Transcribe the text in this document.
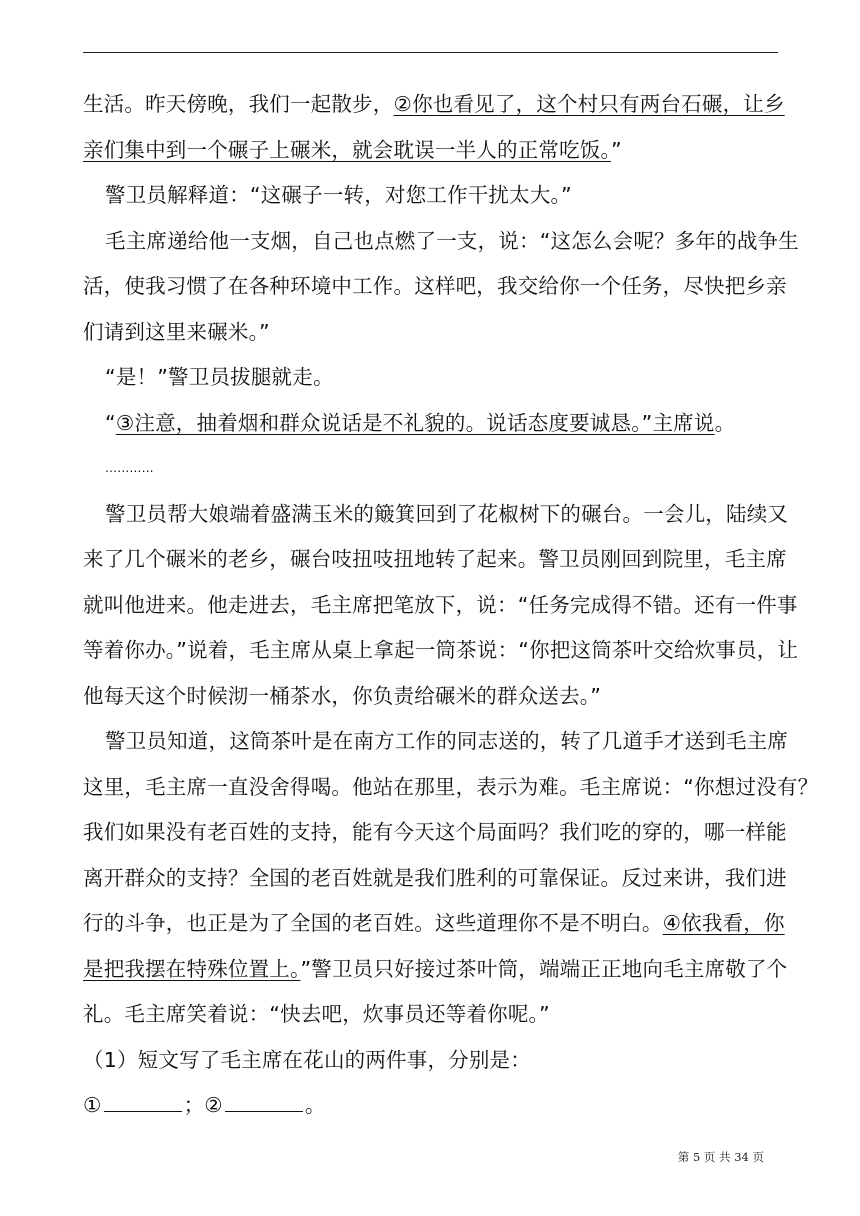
生活。昨天傍晚，我们一起散步，②你也看见了，这个村只有两台石碾，让乡
亲们集中到一个碾子上碾米，就会耽误一半人的正常吃饭。”
警卫员解释道：“这碾子一转，对您工作干扰太大。”
毛主席递给他一支烟，自己也点燃了一支，说：“这怎么会呢？多年的战争生
活，使我习惯了在各种环境中工作。这样吧，我交给你一个任务，尽快把乡亲
们请到这里来碾米。”
“是！”警卫员拔腿就走。
“③注意，抽着烟和群众说话是不礼貌的。说话态度要诚恳。”主席说。
…………
警卫员帮大娘端着盛满玉米的簸箕回到了花椒树下的碾台。一会儿，陆续又
来了几个碾米的老乡，碾台吱扭吱扭地转了起来。警卫员刚回到院里，毛主席
就叫他进来。他走进去，毛主席把笔放下，说：“任务完成得不错。还有一件事
等着你办。”说着，毛主席从桌上拿起一筒茶说：“你把这筒茶叶交给炊事员，让
他每天这个时候沏一桶茶水，你负责给碾米的群众送去。”
警卫员知道，这筒茶叶是在南方工作的同志送的，转了几道手才送到毛主席
这里，毛主席一直没舍得喝。他站在那里，表示为难。毛主席说：“你想过没有？
我们如果没有老百姓的支持，能有今天这个局面吗？我们吃的穿的，哪一样能
离开群众的支持？全国的老百姓就是我们胜利的可靠保证。反过来讲，我们进
行的斗争，也正是为了全国的老百姓。这些道理你不是不明白。④依我看，你
是把我摆在特殊位置上。”警卫员只好接过茶叶筒，端端正正地向毛主席敬了个
礼。毛主席笑着说：“快去吧，炊事员还等着你呢。”
（1）短文写了毛主席在花山的两件事，分别是：
①	；②	。
第 5 页 共 34 页
